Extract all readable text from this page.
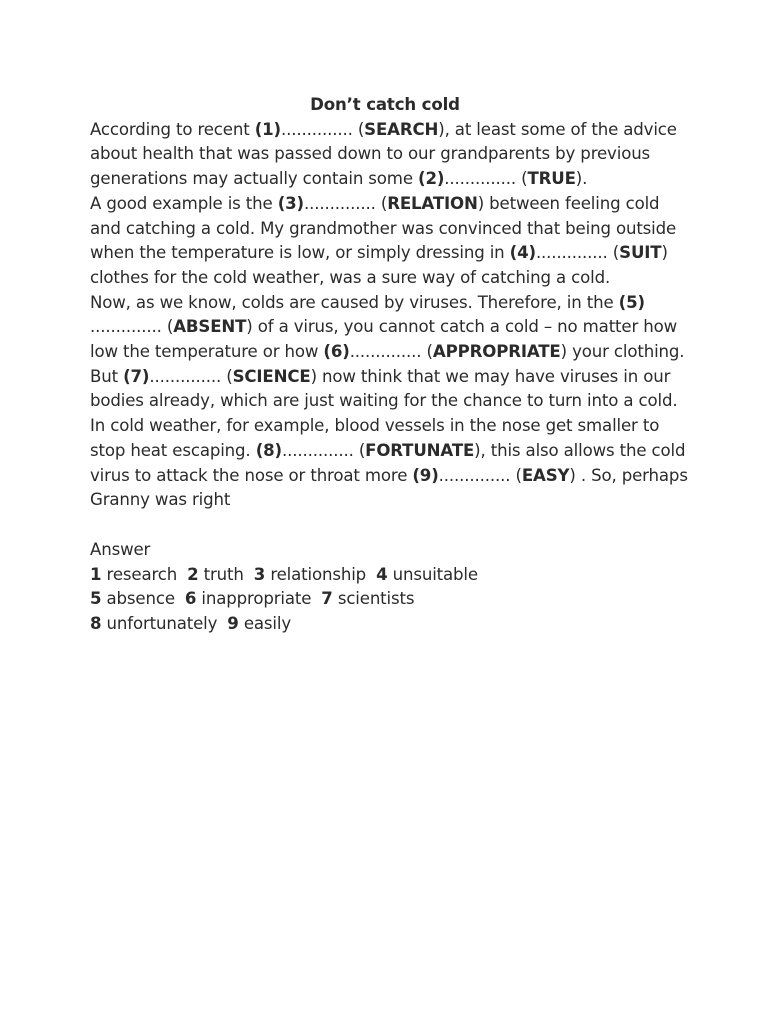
Don’t catch cold

According to recent (1).............. (SEARCH), at least some of the advice
about health that was passed down to our grandparents by previous
generations may actually contain some (2).............. (TRUE).
A good example is the (3).............. (RELATION) between feeling cold
and catching a cold. My grandmother was convinced that being outside
when the temperature is low, or simply dressing in (4).............. (SUIT)
clothes for the cold weather, was a sure way of catching a cold.
Now, as we know, colds are caused by viruses. Therefore, in the (5)
.............. (ABSENT) of a virus, you cannot catch a cold – no matter how
low the temperature or how (6).............. (APPROPRIATE) your clothing.
But (7).............. (SCIENCE) now think that we may have viruses in our
bodies already, which are just waiting for the chance to turn into a cold.
In cold weather, for example, blood vessels in the nose get smaller to
stop heat escaping. (8).............. (FORTUNATE), this also allows the cold
virus to attack the nose or throat more (9).............. (EASY) . So, perhaps
Granny was right
Answer
1 research 2 truth 3 relationship 4 unsuitable
5 absence 6 inappropriate 7 scientists
8 unfortunately 9 easily
